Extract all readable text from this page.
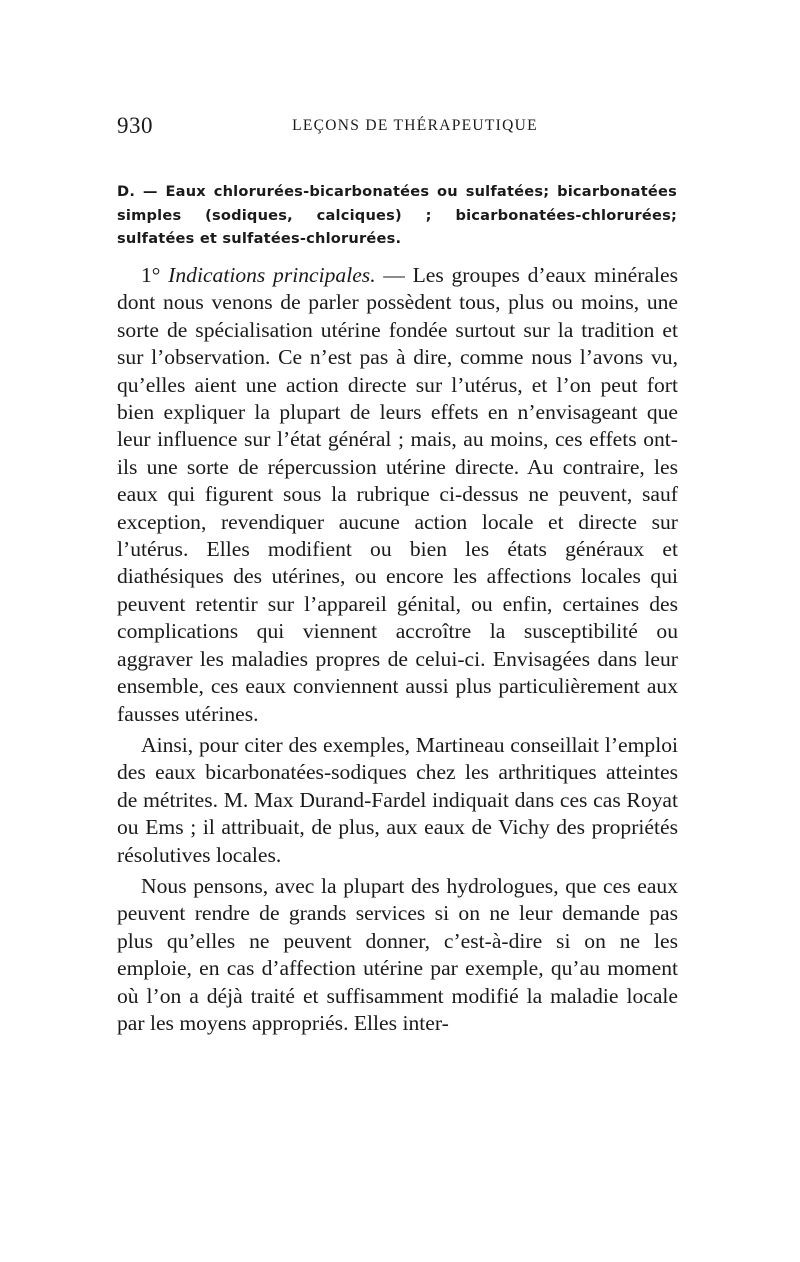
930	LEÇONS DE THÉRAPEUTIQUE

D. — Eaux chlorurées-bicarbonatées ou sulfatées; bicarbonatées simples (sodiques, calciques) ; bicarbonatées-chlorurées; sulfatées et sulfatées-chlorurées.

1° Indications principales. — Les groupes d’eaux minérales dont nous venons de parler possèdent tous, plus ou moins, une sorte de spécialisation utérine fondée surtout sur la tradition et sur l’observation. Ce n’est pas à dire, comme nous l’avons vu, qu’elles aient une action directe sur l’utérus, et l’on peut fort bien expliquer la plupart de leurs effets en n’envisageant que leur influence sur l’état général ; mais, au moins, ces effets ont-ils une sorte de répercussion utérine directe. Au contraire, les eaux qui figurent sous la rubrique ci-dessus ne peuvent, sauf exception, revendiquer aucune action locale et directe sur l’utérus. Elles modifient ou bien les états généraux et diathésiques des utérines, ou encore les affections locales qui peuvent retentir sur l’appareil génital, ou enfin, certaines des complications qui viennent accroître la susceptibilité ou aggraver les maladies propres de celui-ci. Envisagées dans leur ensemble, ces eaux conviennent aussi plus particulièrement aux fausses utérines.

Ainsi, pour citer des exemples, Martineau conseillait l’emploi des eaux bicarbonatées-sodiques chez les arthritiques atteintes de métrites. M. Max Durand-Fardel indiquait dans ces cas Royat ou Ems ; il attribuait, de plus, aux eaux de Vichy des propriétés résolutives locales.

Nous pensons, avec la plupart des hydrologues, que ces eaux peuvent rendre de grands services si on ne leur demande pas plus qu’elles ne peuvent donner, c’est-à-dire si on ne les emploie, en cas d’affection utérine par exemple, qu’au moment où l’on a déjà traité et suffisamment modifié la maladie locale par les moyens appropriés. Elles inter-
